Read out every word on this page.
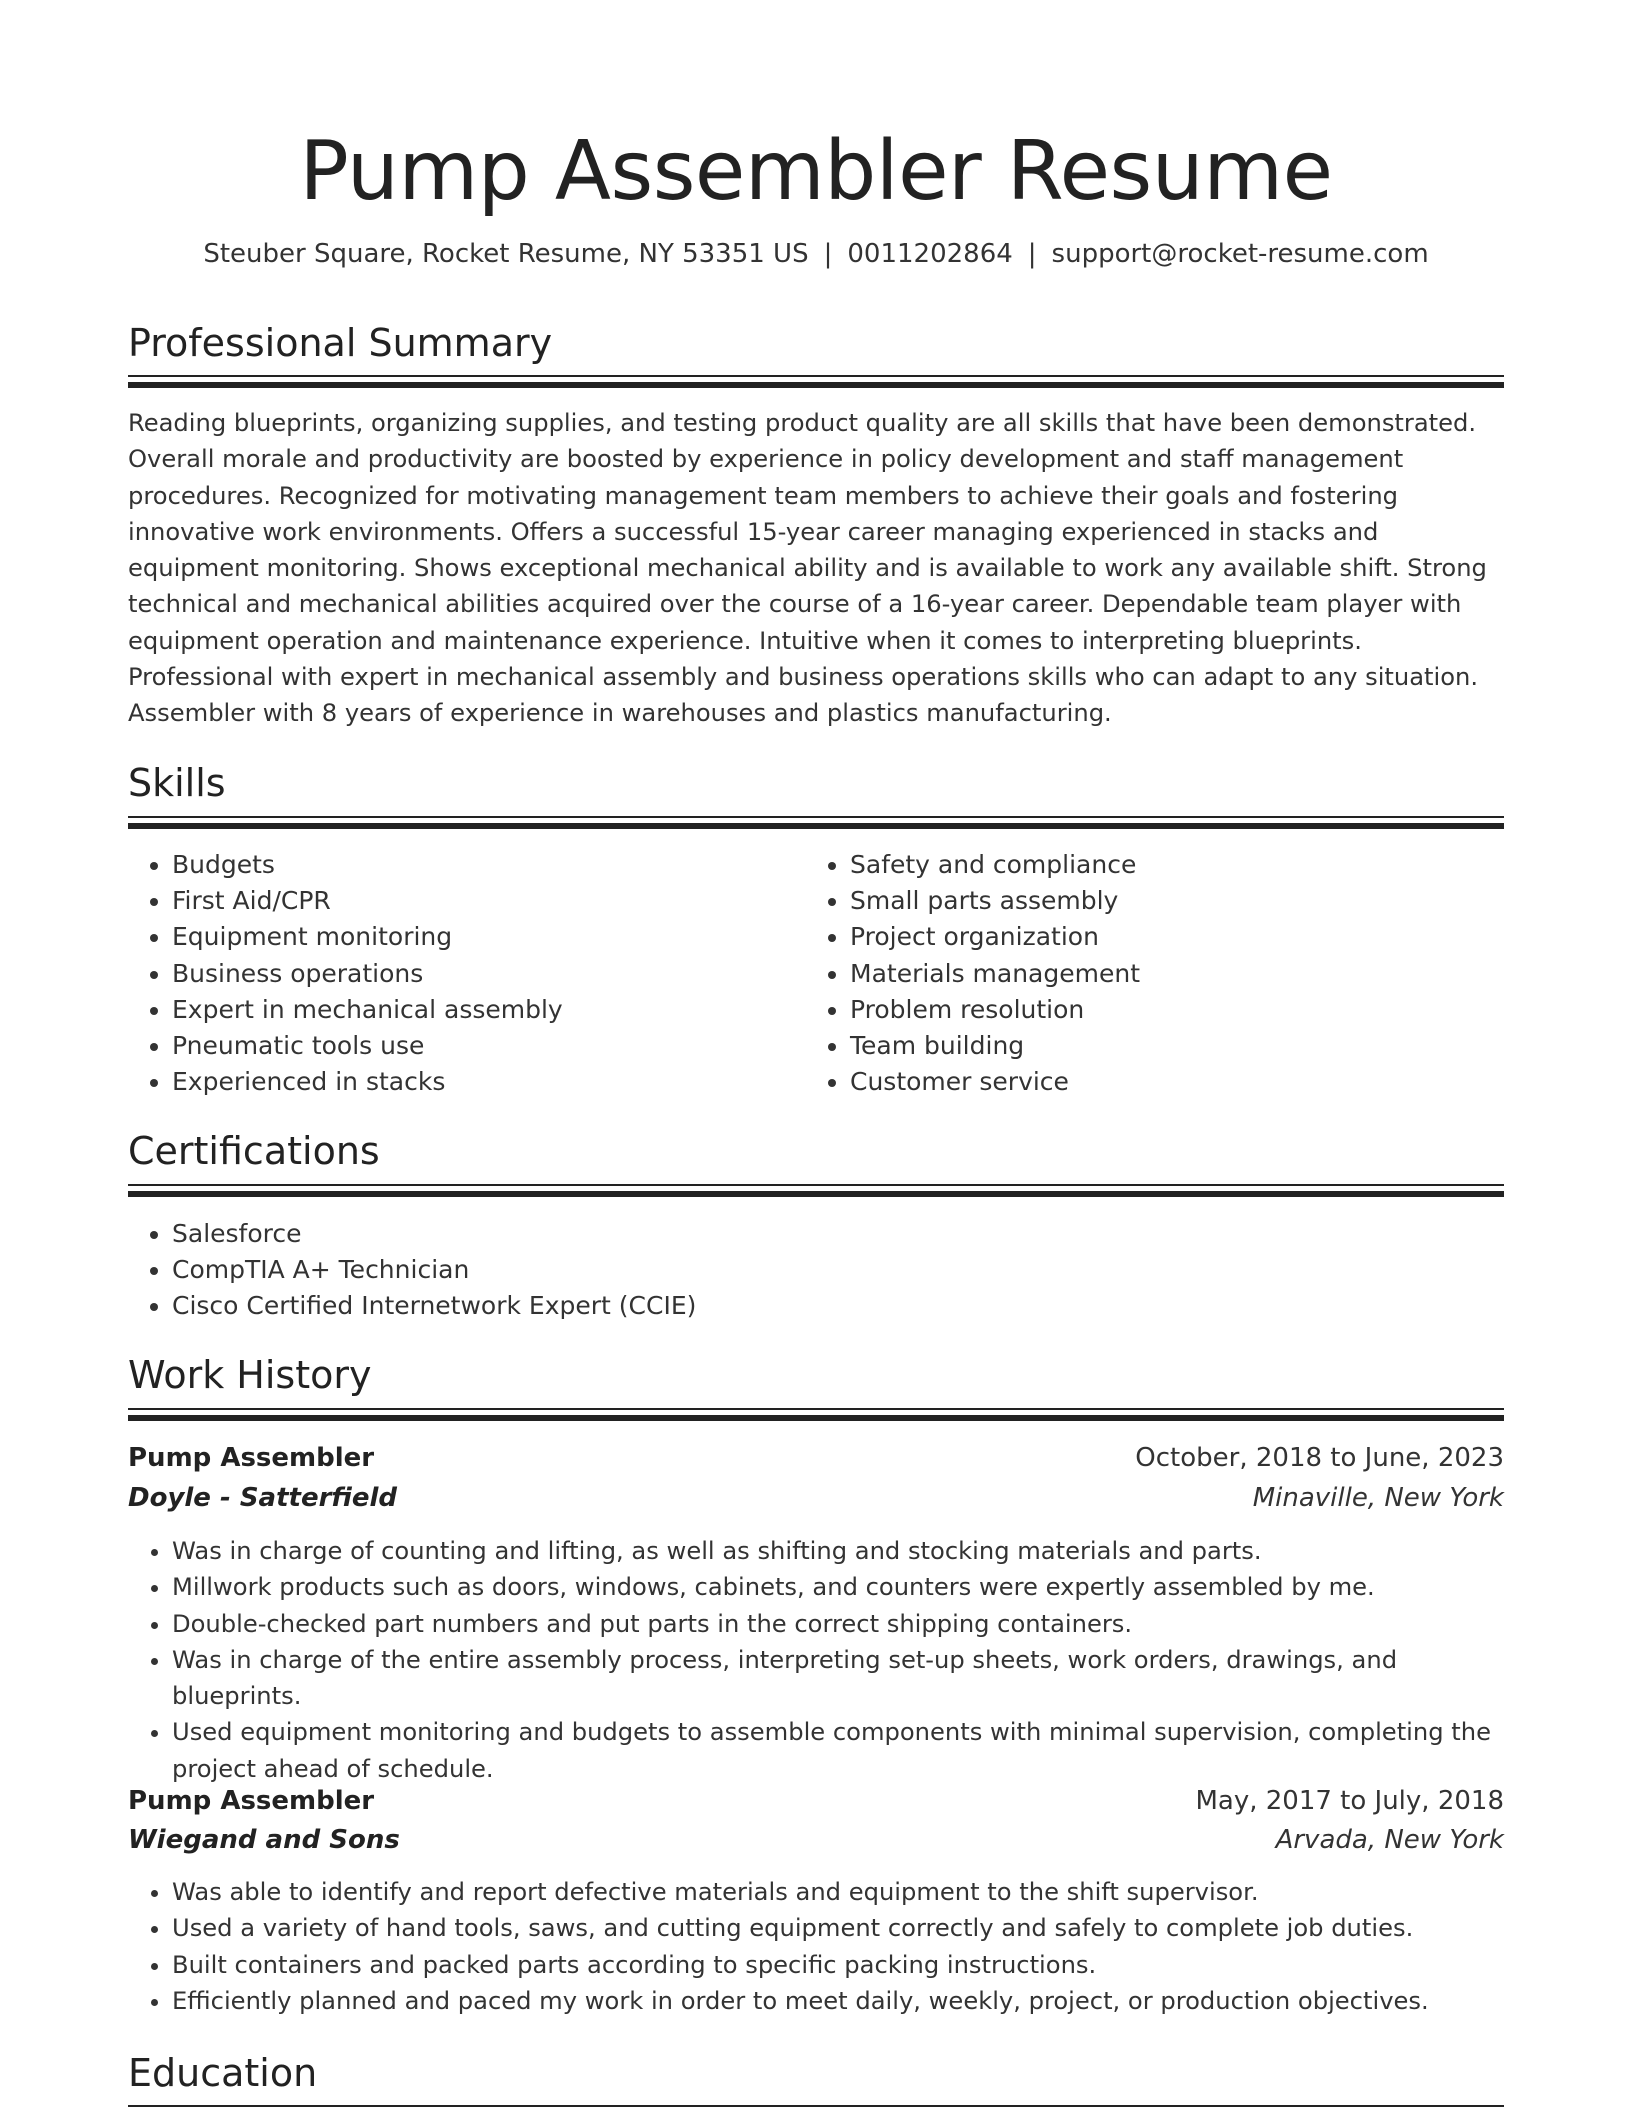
Pump Assembler Resume
Steuber Square, Rocket Resume, NY 53351 US | 0011202864 | support@rocket-resume.com
Professional Summary

Reading blueprints, organizing supplies, and testing product quality are all skills that have been demonstrated. Overall morale and productivity are boosted by experience in policy development and staff management procedures. Recognized for motivating management team members to achieve their goals and fostering innovative work environments. Offers a successful 15-year career managing experienced in stacks and equipment monitoring. Shows exceptional mechanical ability and is available to work any available shift. Strong technical and mechanical abilities acquired over the course of a 16-year career. Dependable team player with equipment operation and maintenance experience. Intuitive when it comes to interpreting blueprints. Professional with expert in mechanical assembly and business operations skills who can adapt to any situation. Assembler with 8 years of experience in warehouses and plastics manufacturing.

Skills
• Budgets
• First Aid/CPR
• Equipment monitoring
• Business operations
• Expert in mechanical assembly
• Pneumatic tools use
• Experienced in stacks
• Safety and compliance
• Small parts assembly
• Project organization
• Materials management
• Problem resolution
• Team building
• Customer service
Certifications
• Salesforce
• CompTIA A+ Technician
• Cisco Certified Internetwork Expert (CCIE)
Work History
Pump Assembler	October, 2018 to June, 2023
Doyle - Satterfield	Minaville, New York
• Was in charge of counting and lifting, as well as shifting and stocking materials and parts.
• Millwork products such as doors, windows, cabinets, and counters were expertly assembled by me.
• Double-checked part numbers and put parts in the correct shipping containers.
• Was in charge of the entire assembly process, interpreting set-up sheets, work orders, drawings, and blueprints.
• Used equipment monitoring and budgets to assemble components with minimal supervision, completing the project ahead of schedule.
Pump Assembler	May, 2017 to July, 2018
Wiegand and Sons	Arvada, New York
• Was able to identify and report defective materials and equipment to the shift supervisor.
• Used a variety of hand tools, saws, and cutting equipment correctly and safely to complete job duties.
• Built containers and packed parts according to specific packing instructions.
• Efficiently planned and paced my work in order to meet daily, weekly, project, or production objectives.
Education
